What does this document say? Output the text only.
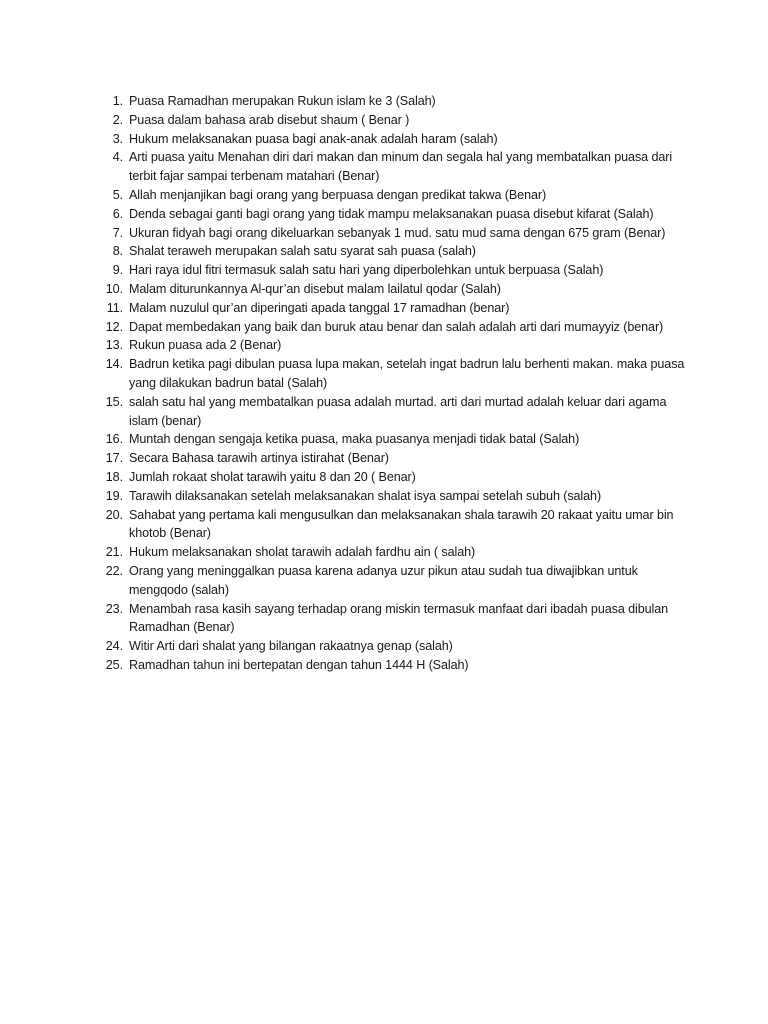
1. Puasa Ramadhan merupakan Rukun islam ke 3 (Salah)
2. Puasa dalam bahasa arab disebut shaum ( Benar )
3. Hukum melaksanakan puasa bagi anak-anak adalah haram (salah)
4. Arti puasa yaitu Menahan diri dari makan dan minum dan segala hal yang membatalkan puasa dari terbit fajar sampai terbenam matahari (Benar)
5. Allah menjanjikan bagi orang yang berpuasa dengan predikat takwa (Benar)
6. Denda sebagai ganti bagi orang yang tidak mampu melaksanakan puasa disebut kifarat (Salah)
7. Ukuran fidyah bagi orang dikeluarkan sebanyak 1 mud. satu mud sama dengan 675 gram (Benar)
8. Shalat teraweh merupakan salah satu syarat sah puasa (salah)
9. Hari raya idul fitri termasuk salah satu hari yang diperbolehkan untuk berpuasa (Salah)
10. Malam diturunkannya Al-qur’an disebut malam lailatul qodar (Salah)
11. Malam nuzulul qur’an diperingati apada tanggal 17 ramadhan (benar)
12. Dapat membedakan yang baik dan buruk atau benar dan salah adalah arti dari mumayyiz (benar)
13. Rukun puasa ada 2 (Benar)
14. Badrun ketika pagi dibulan puasa lupa makan, setelah ingat badrun lalu berhenti makan. maka puasa yang dilakukan badrun batal (Salah)
15. salah satu hal yang membatalkan puasa adalah murtad. arti dari murtad adalah keluar dari agama islam (benar)
16. Muntah dengan sengaja ketika puasa, maka puasanya menjadi tidak batal (Salah)
17. Secara Bahasa tarawih artinya istirahat (Benar)
18. Jumlah rokaat sholat tarawih yaitu 8 dan 20 ( Benar)
19. Tarawih dilaksanakan setelah melaksanakan shalat isya sampai setelah subuh (salah)
20. Sahabat yang pertama kali mengusulkan dan melaksanakan shala tarawih 20 rakaat yaitu umar bin khotob (Benar)
21. Hukum melaksanakan sholat tarawih adalah fardhu ain ( salah)
22. Orang yang meninggalkan puasa karena adanya uzur pikun atau sudah tua diwajibkan untuk mengqodo (salah)
23. Menambah rasa kasih sayang terhadap orang miskin termasuk manfaat dari ibadah puasa dibulan Ramadhan (Benar)
24. Witir Arti dari shalat yang bilangan rakaatnya genap (salah)
25. Ramadhan tahun ini bertepatan dengan tahun 1444 H (Salah)
